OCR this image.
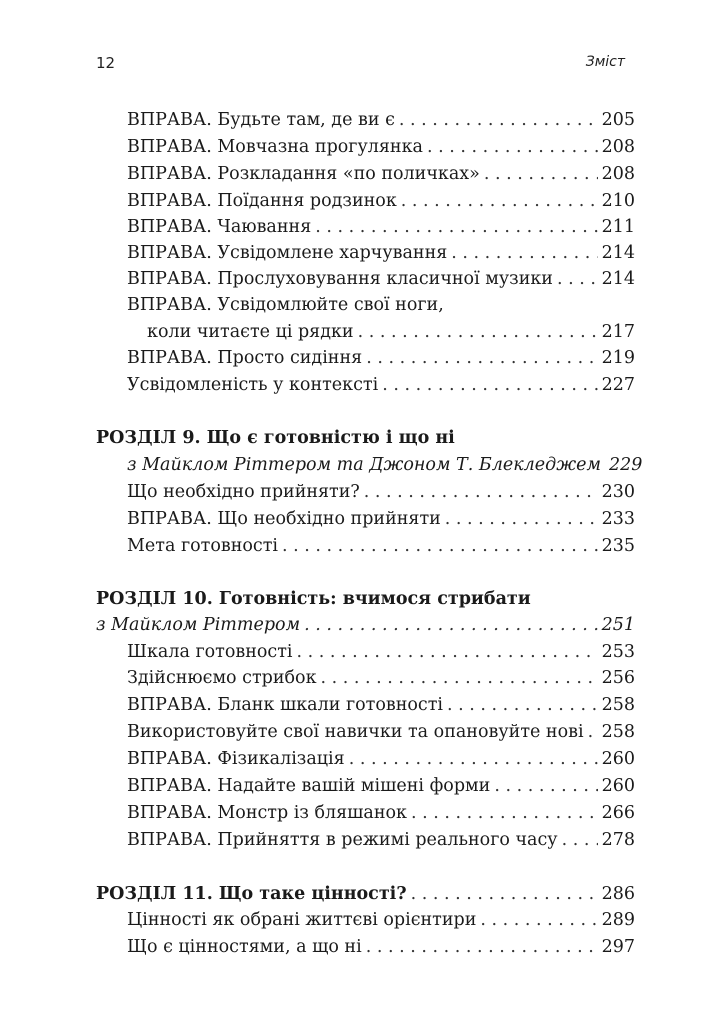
12	Зміст
ВПРАВА. Будьте там, де ви є . . .	205
ВПРАВА. Мовчазна прогулянка . . .	208
ВПРАВА. Розкладання «по поличках» . . .	208
ВПРАВА. Поїдання родзинок . . .	210
ВПРАВА. Чаювання . . .	211
ВПРАВА. Усвідомлене харчування . . .	214
ВПРАВА. Прослуховування класичної музики . . .	214
ВПРАВА. Усвідомлюйте свої ноги,
коли читаєте ці рядки . . .	217
ВПРАВА. Просто сидіння . . .	219
Усвідомленість у контексті . . .	227
РОЗДІЛ 9. Що є готовністю і що ні
з Майклом Ріттером та Джоном Т. Блекледжем 229
Що необхідно прийняти? . . .	230
ВПРАВА. Що необхідно прийняти . . .	233
Мета готовності . . .	235
РОЗДІЛ 10. Готовність: вчимося стрибати
з Майклом Ріттером . . .	251
Шкала готовності . . .	253
Здійснюємо стрибок . . .	256
ВПРАВА. Бланк шкали готовності . . .	258
Використовуйте свої навички та опановуйте нові . . . 258
ВПРАВА. Фізикалізація . . .	260
ВПРАВА. Надайте вашій мішені форми . . .	260
ВПРАВА. Монстр із бляшанок . . .	266
ВПРАВА. Прийняття в режимі реального часу . . .	278
РОЗДІЛ 11. Що таке цінності? . . .	286
Цінності як обрані життєві орієнтири . . .	289
Що є цінностями, а що ні . . .	297
